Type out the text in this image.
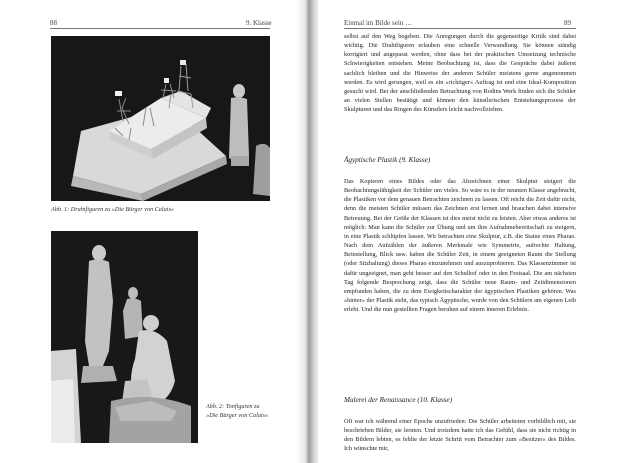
88	9. Klasse
Abb. 1: Drahtfiguren zu »Die Bürger von Calais«
Abb. 2: Tonfiguren zu »Die Bürger von Calais«
Einmal im Bilde sein …	89

selbst auf den Weg begeben. Die Anregungen durch die gegenseitige Kritik sind dabei wichtig. Die Drahtfiguren erlauben eine schnelle Verwandlung. Sie können ständig korrigiert und angepasst werden, ohne dass bei der praktischen Umsetzung technische Schwierigkeiten entstehen. Meine Beobachtung ist, dass die Gespräche dabei äußerst sachlich bleiben und die Hinweise der anderen Schüler meistens gerne angenommen werden. Es wird gerungen, weil es ein »richtiger« Auftrag ist und eine Ideal-Komposition gesucht wird. Bei der anschließenden Betrachtung von Rodins Werk finden sich die Schüler an vielen Stellen bestätigt und können den künstlerischen Entstehungsprozess der Skulpturen und das Ringen des Künstlers leicht nachvollziehen.

Ägyptische Plastik (9. Klasse)

Das Kopieren eines Bildes oder das Abzeichnen einer Skulptur steigert die Beobachtungsfähigkeit der Schüler um vieles. So wäre es in der neunten Klasse angebracht, die Plastiken vor dem genauen Betrachten zeichnen zu lassen. Oft reicht die Zeit dafür nicht, denn die meisten Schüler müssen das Zeichnen erst lernen und brauchen dabei intensive Betreuung. Bei der Größe der Klassen ist dies meist nicht zu leisten. Aber etwas anderes ist möglich: Man kann die Schüler zur Übung und um ihre Aufnahmebereitschaft zu steigern, in eine Plastik schlüpfen lassen. Wir betrachten eine Skulptur, z.B. die Statue eines Pharao. Nach dem Aufzählen der äußeren Merkmale wie Symmetrie, aufrechte Haltung, Beinstellung, Blick usw. haben die Schüler Zeit, in einem geeigneten Raum die Stellung (oder Sitzhaltung) dieses Pharao einzunehmen und auszuprobieren. Das Klassenzimmer ist dafür ungeeignet, man geht besser auf den Schulhof oder in den Festsaal. Die am nächsten Tag folgende Besprechung zeigt, dass die Schüler neue Raum- und Zeitdimensionen empfunden haben, die zu dem Ewigkeitscharakter der ägyptischen Plastiken gehören. Was »hinter« der Plastik steht, das typisch Ägyptische, wurde von den Schülern am eigenen Leib erlebt. Und die nun gestellten Fragen beruhen auf einem inneren Erlebnis.

Malerei der Renaissance (10. Klasse)

Oft war ich während einer Epoche unzufrieden: Die Schüler arbeiteten vorbildlich mit, sie beschrieben Bilder, sie lernten. Und trotzdem hatte ich das Gefühl, dass sie nicht richtig in den Bildern lebten, es fehlte der letzte Schritt vom Betrachter zum »Besitzer« des Bildes. Ich wünschte mir,
